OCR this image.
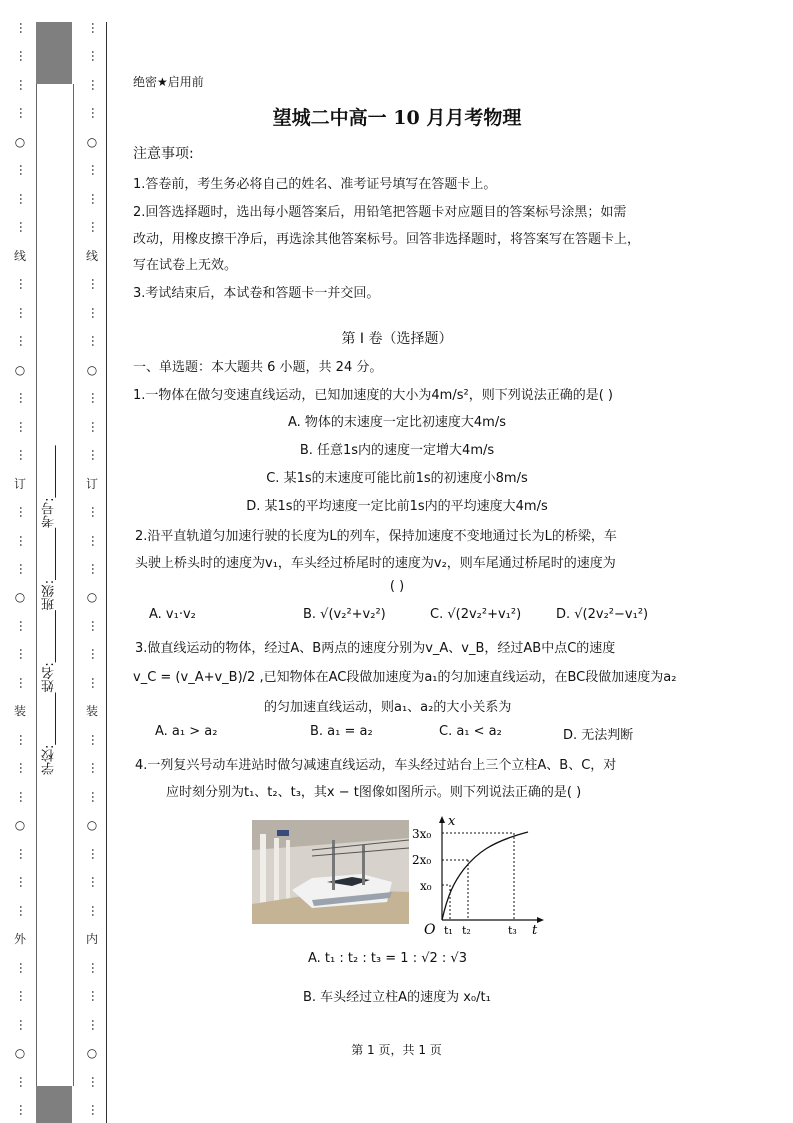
…
…
…
…
○
…
…
…
线
…
…
…
○
…
…
…
订
…
…
…
○
…
…
…
装
…
…
…
○
…
…
…
外
…
…
…
○
…
…
…
…
…
…
○
…
…
…
线
…
…
…
○
…
…
…
订
…
…
…
○
…
…
…
装
…
…
…
○
…
…
…
内
…
…
…
○
…
…
学校:________姓名:________班级:________考号:________
绝密★启用前
望城二中高一 10 月月考物理
注意事项:
1.答卷前，考生务必将自己的姓名、准考证号填写在答题卡上。
2.回答选择题时，选出每小题答案后，用铅笔把答题卡对应题目的答案标号涂黑；如需
改动，用橡皮擦干净后，再选涂其他答案标号。回答非选择题时，将答案写在答题卡上，
写在试卷上无效。
3.考试结束后，本试卷和答题卡一并交回。
第 I 卷（选择题）
一、单选题：本大题共 6 小题，共 24 分。
1.一物体在做匀变速直线运动，已知加速度的大小为4m/s²，则下列说法正确的是( )
A. 物体的末速度一定比初速度大4m/s
B. 任意1s内的速度一定增大4m/s
C. 某1s的末速度可能比前1s的初速度小8m/s
D. 某1s的平均速度一定比前1s内的平均速度大4m/s
2.沿平直轨道匀加速行驶的长度为L的列车，保持加速度不变地通过长为L的桥梁，车
头驶上桥头时的速度为v₁，车头经过桥尾时的速度为v₂，则车尾通过桥尾时的速度为
( )
A. v₁·v₂	B. √(v₂²+v₂²)	C. √(2v₂²+v₁²)	D. √(2v₂²−v₁²)
3.做直线运动的物体，经过A、B两点的速度分别为v_A、v_B，经过AB中点C的速度
v_C = (v_A+v_B)/2 ,已知物体在AC段做加速度为a₁的匀加速直线运动，在BC段做加速度为a₂
的匀加速直线运动，则a₁、a₂的大小关系为
A. a₁ > a₂	B. a₁ = a₂	C. a₁ < a₂	D. 无法判断
4.一列复兴号动车进站时做匀减速直线运动，车头经过站台上三个立柱A、B、C，对
应时刻分别为t₁、t₂、t₃，其x − t图像如图所示。则下列说法正确的是( )
A. t₁ : t₂ : t₃ = 1 : √2 : √3
B. 车头经过立柱A的速度为 x₀/t₁
x
t
O
3x₀
2x₀
x₀
t₁ t₂	t₃
第 1 页，共 1 页
